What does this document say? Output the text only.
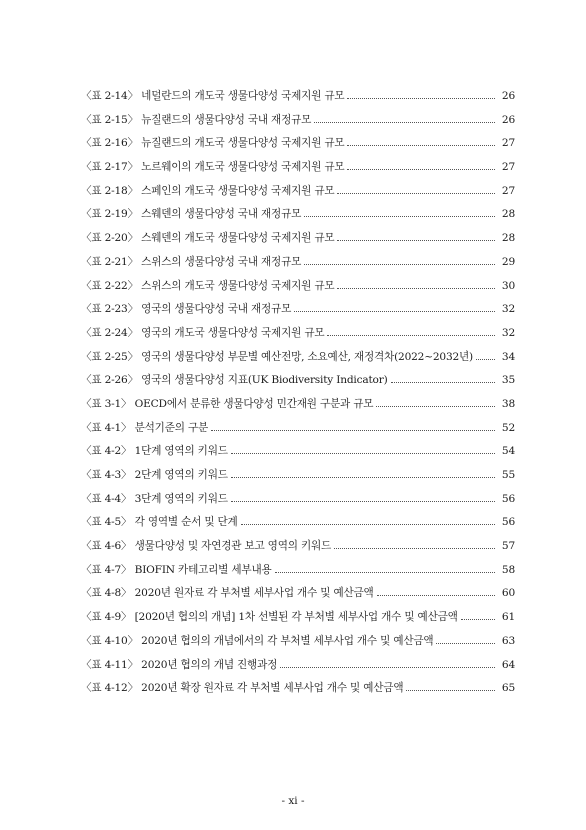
〈표 2-14〉 네덜란드의 개도국 생물다양성 국제지원 규모	26
〈표 2-15〉 뉴질랜드의 생물다양성 국내 재정규모	26
〈표 2-16〉 뉴질랜드의 개도국 생물다양성 국제지원 규모	27
〈표 2-17〉 노르웨이의 개도국 생물다양성 국제지원 규모	27
〈표 2-18〉 스페인의 개도국 생물다양성 국제지원 규모	27
〈표 2-19〉 스웨덴의 생물다양성 국내 재정규모	28
〈표 2-20〉 스웨덴의 개도국 생물다양성 국제지원 규모	28
〈표 2-21〉 스위스의 생물다양성 국내 재정규모	29
〈표 2-22〉 스위스의 개도국 생물다양성 국제지원 규모	30
〈표 2-23〉 영국의 생물다양성 국내 재정규모	32
〈표 2-24〉 영국의 개도국 생물다양성 국제지원 규모	32
〈표 2-25〉 영국의 생물다양성 부문별 예산전망, 소요예산, 재정격차(2022~2032년)	34
〈표 2-26〉 영국의 생물다양성 지표(UK Biodiversity Indicator)	35
〈표 3-1〉 OECD에서 분류한 생물다양성 민간재원 구분과 규모	38
〈표 4-1〉 분석기준의 구분	52
〈표 4-2〉 1단계 영역의 키워드	54
〈표 4-3〉 2단계 영역의 키워드	55
〈표 4-4〉 3단계 영역의 키워드	56
〈표 4-5〉 각 영역별 순서 및 단계	56
〈표 4-6〉 생물다양성 및 자연경관 보고 영역의 키워드	57
〈표 4-7〉 BIOFIN 카테고리별 세부내용	58
〈표 4-8〉 2020년 원자료 각 부처별 세부사업 개수 및 예산금액	60
〈표 4-9〉 [2020년 협의의 개념] 1차 선별된 각 부처별 세부사업 개수 및 예산금액	61
〈표 4-10〉 2020년 협의의 개념에서의 각 부처별 세부사업 개수 및 예산금액	63
〈표 4-11〉 2020년 협의의 개념 진행과정	64
〈표 4-12〉 2020년 확장 원자료 각 부처별 세부사업 개수 및 예산금액	65
- xi -
